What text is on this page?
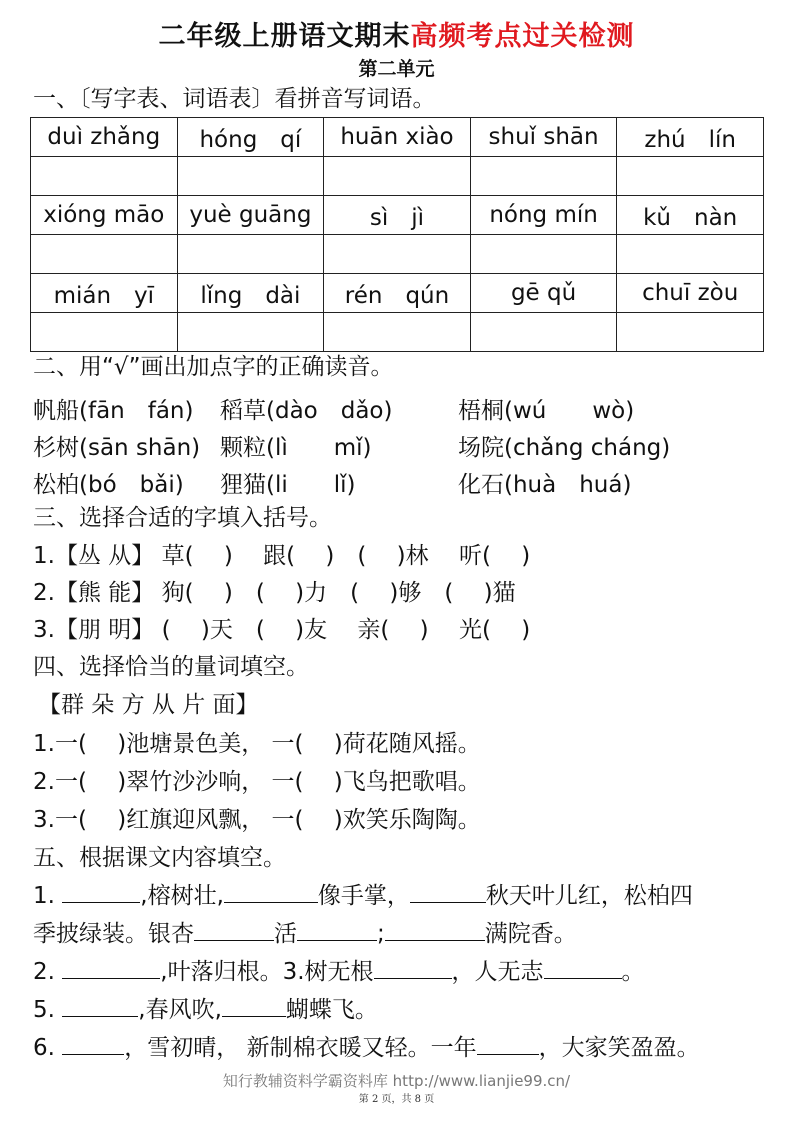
二年级上册语文期末高频考点过关检测
第二单元
一、〔写字表、词语表〕看拼音写词语。
duì zhǎng	hóng　qí	huān xiào	shuǐ shān	zhú　lín

xióng māo	yuè guāng	sì　jì	nóng mín	kǔ　nàn

mián　yī	lǐng　dài	rén　qún	gē qǔ	chuī zòu

二、用“√”画出加点字的正确读音。
帆船(fān　fán) 稻草(dào　dǎo)	梧桐(wú　　wò)
杉树(sān shān) 颗粒(lì　　mǐ)	场院(chǎng cháng)
松柏(bó　bǎi) 狸猫(li　　lǐ)	化石(huà　huá)
三、选择合适的字填入括号。
1.【丛 从】 草(　 )　 跟(　 )　(　 )林　 听(　 )
2.【熊 能】 狗(　 )　(　 )力　(　 )够　(　 )猫
3.【朋 明】 (　 )天　(　 )友　 亲(　 )　 光(　 )
四、选择恰当的量词填空。
【群 朵 方 从 片 面】
1.一(　 )池塘景色美， 一(　 )荷花随风摇。
2.一(　 )翠竹沙沙响， 一(　 )飞鸟把歌唱。
3.一(　 )红旗迎风飘， 一(　 )欢笑乐陶陶。
五、根据课文内容填空。
1.	,榕树壮,	像手掌，	秋天叶儿红，松柏四
季披绿装。银杏	活	;	满院香。
2.	,叶落归根。3.树无根	，人无志	。
5.	,春风吹,	蝴蝶飞。
6.	，雪初晴， 新制棉衣暖又轻。一年	，大家笑盈盈。
知行教辅资料学霸资料库 http://www.lianjie99.cn/
第 2 页，共 8 页
